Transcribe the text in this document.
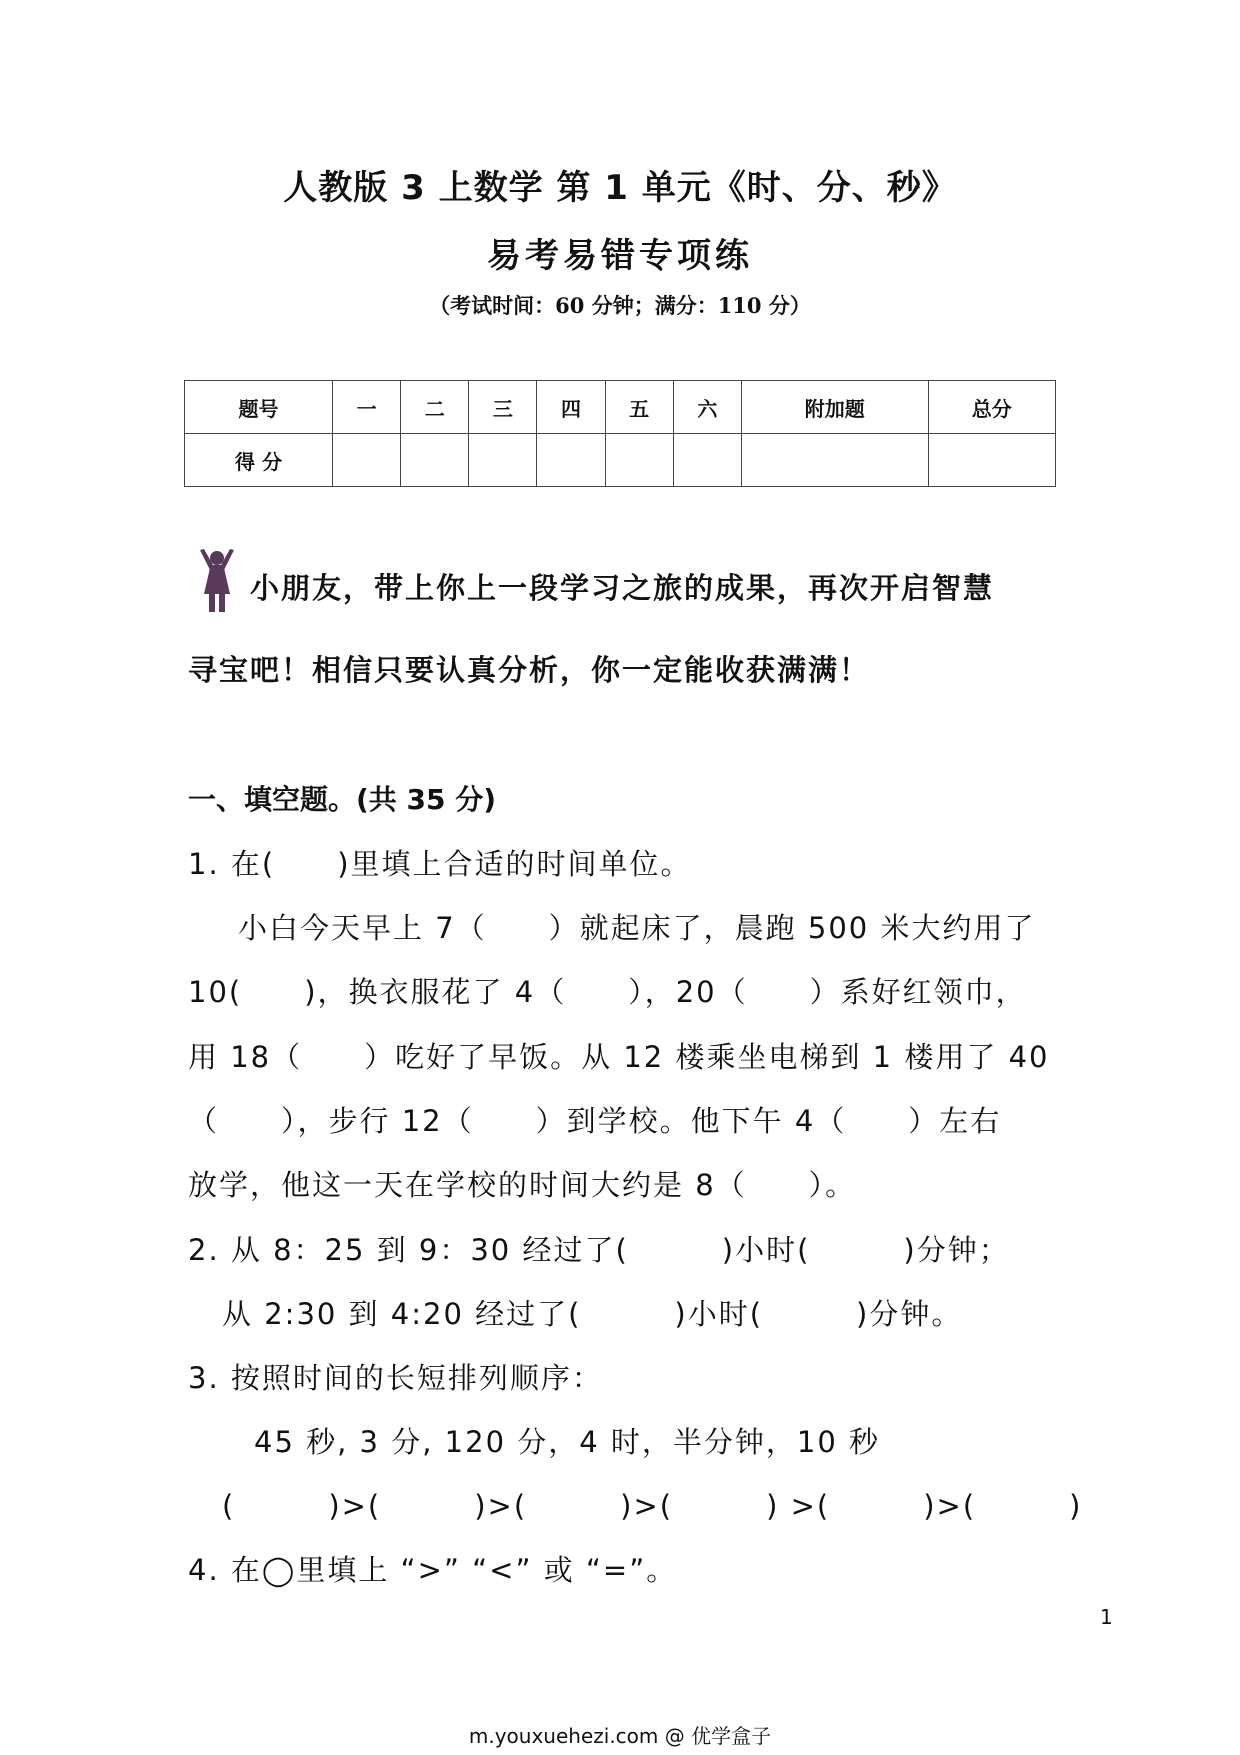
人教版 3 上数学 第 1 单元《时、分、秒》
易考易错专项练
（考试时间：60 分钟；满分：110 分）
题号	一	二	三	四	五	六	附加题	总分
得 分								
小朋友，带上你上一段学习之旅的成果，再次开启智慧
寻宝吧！相信只要认真分析，你一定能收获满满！
一、填空题。(共 35 分)
1. 在(　　)里填上合适的时间单位。
小白今天早上 7（　　）就起床了，晨跑 500 米大约用了
10(　　)，换衣服花了 4（　　），20（　　）系好红领巾，
用 18（　　）吃好了早饭。从 12 楼乘坐电梯到 1 楼用了 40
（　　），步行 12（　　）到学校。他下午 4（　　）左右
放学，他这一天在学校的时间大约是 8（　　）。
2. 从 8：25 到 9：30 经过了(　　　)小时(　　　)分钟；
从 2:30 到 4:20 经过了(　　　)小时(　　　)分钟。
3. 按照时间的长短排列顺序：
45 秒, 3 分, 120 分，4 时，半分钟，10 秒
(　　　)>(　　　)>(　　　)>(　　　) >(　　　)>(　　　)
4. 在◯里填上 “>” “<” 或 “=”。
1
m.youxuehezi.com @ 优学盒子
